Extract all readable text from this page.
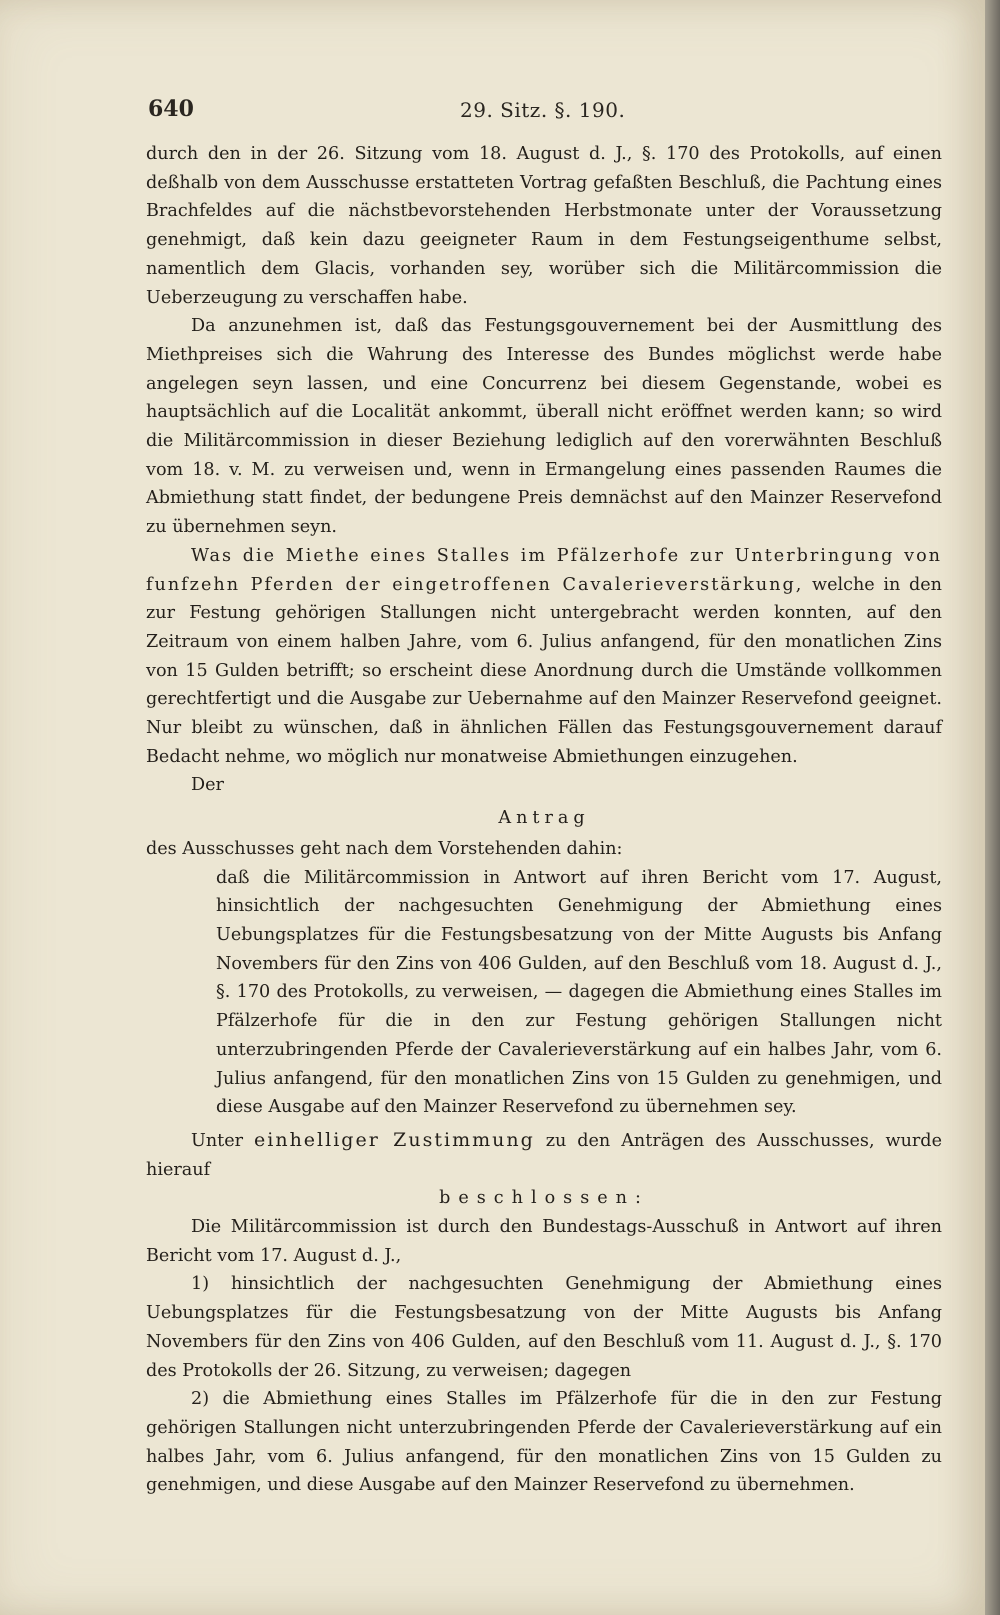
640	29. Sitz. §. 190.

durch den in der 26. Sitzung vom 18. August d. J., §. 170 des Protokolls, auf einen deßhalb von dem Ausschusse erstatteten Vortrag gefaßten Beschluß, die Pachtung eines Brachfeldes auf die nächstbevorstehenden Herbstmonate unter der Voraussetzung genehmigt, daß kein dazu geeigneter Raum in dem Festungseigenthume selbst, namentlich dem Glacis, vorhanden sey, worüber sich die Militärcommission die Ueberzeugung zu verschaffen habe.

Da anzunehmen ist, daß das Festungsgouvernement bei der Ausmittlung des Miethpreises sich die Wahrung des Interesse des Bundes möglichst werde habe angelegen seyn lassen, und eine Concurrenz bei diesem Gegenstande, wobei es hauptsächlich auf die Localität ankommt, überall nicht eröffnet werden kann; so wird die Militärcommission in dieser Beziehung lediglich auf den vorerwähnten Beschluß vom 18. v. M. zu verweisen und, wenn in Ermangelung eines passenden Raumes die Abmiethung statt findet, der bedungene Preis demnächst auf den Mainzer Reservefond zu übernehmen seyn.

Was die Miethe eines Stalles im Pfälzerhofe zur Unterbringung von funfzehn Pferden der eingetroffenen Cavalerieverstärkung, welche in den zur Festung gehörigen Stallungen nicht untergebracht werden konnten, auf den Zeitraum von einem halben Jahre, vom 6. Julius anfangend, für den monatlichen Zins von 15 Gulden betrifft; so erscheint diese Anordnung durch die Umstände vollkommen gerechtfertigt und die Ausgabe zur Uebernahme auf den Mainzer Reservefond geeignet. Nur bleibt zu wünschen, daß in ähnlichen Fällen das Festungsgouvernement darauf Bedacht nehme, wo möglich nur monatweise Abmiethungen einzugehen.

Der

Antrag

des Ausschusses geht nach dem Vorstehenden dahin:

daß die Militärcommission in Antwort auf ihren Bericht vom 17. August, hinsichtlich der nachgesuchten Genehmigung der Abmiethung eines Uebungsplatzes für die Festungsbesatzung von der Mitte Augusts bis Anfang Novembers für den Zins von 406 Gulden, auf den Beschluß vom 18. August d. J., §. 170 des Protokolls, zu verweisen, — dagegen die Abmiethung eines Stalles im Pfälzerhofe für die in den zur Festung gehörigen Stallungen nicht unterzubringenden Pferde der Cavalerieverstärkung auf ein halbes Jahr, vom 6. Julius anfangend, für den monatlichen Zins von 15 Gulden zu genehmigen, und diese Ausgabe auf den Mainzer Reservefond zu übernehmen sey.

Unter einhelliger Zustimmung zu den Anträgen des Ausschusses, wurde hierauf

beschlossen:

Die Militärcommission ist durch den Bundestags-Ausschuß in Antwort auf ihren Bericht vom 17. August d. J.,

1) hinsichtlich der nachgesuchten Genehmigung der Abmiethung eines Uebungsplatzes für die Festungsbesatzung von der Mitte Augusts bis Anfang Novembers für den Zins von 406 Gulden, auf den Beschluß vom 11. August d. J., §. 170 des Protokolls der 26. Sitzung, zu verweisen; dagegen

2) die Abmiethung eines Stalles im Pfälzerhofe für die in den zur Festung gehörigen Stallungen nicht unterzubringenden Pferde der Cavalerieverstärkung auf ein halbes Jahr, vom 6. Julius anfangend, für den monatlichen Zins von 15 Gulden zu genehmigen, und diese Ausgabe auf den Mainzer Reservefond zu übernehmen.
